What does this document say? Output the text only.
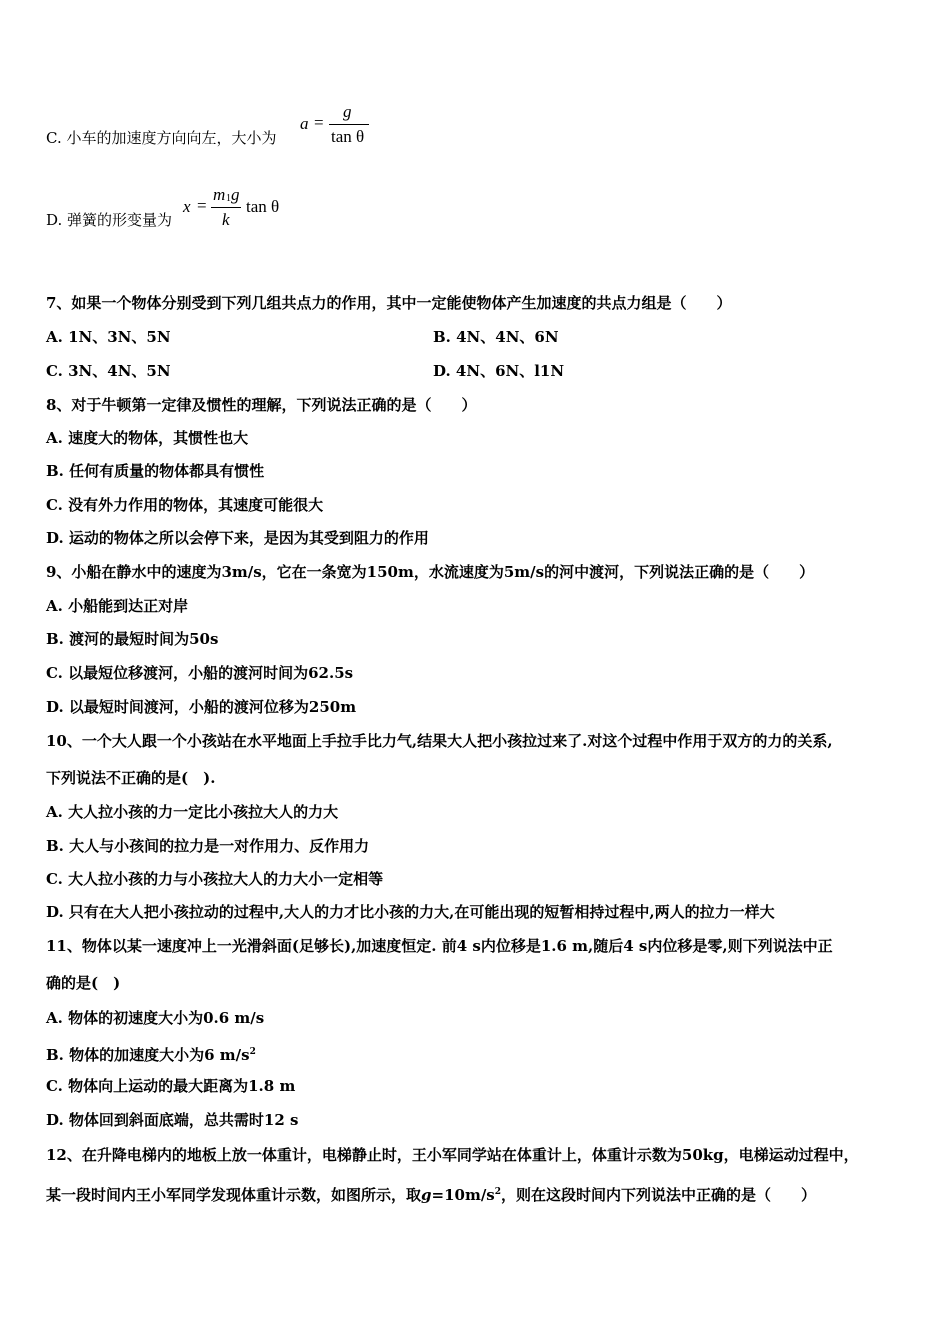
C. 小车的加速度方向向左，大小为
a =
g
tan θ
D. 弹簧的形变量为
x =
m 1 g
k
tan θ
7、如果一个物体分别受到下列几组共点力的作用，其中一定能使物体产生加速度的共点力组是（　　）
A. 1N、3N、5N	B. 4N、4N、6N
C. 3N、4N、5N	D. 4N、6N、l1N
8、对于牛顿第一定律及惯性的理解，下列说法正确的是（　　）
A. 速度大的物体，其惯性也大
B. 任何有质量的物体都具有惯性
C. 没有外力作用的物体，其速度可能很大
D. 运动的物体之所以会停下来，是因为其受到阻力的作用
9、小船在静水中的速度为3m/s，它在一条宽为150m，水流速度为5m/s的河中渡河，下列说法正确的是（　　）
A. 小船能到达正对岸
B. 渡河的最短时间为50s
C. 以最短位移渡河，小船的渡河时间为62.5s
D. 以最短时间渡河，小船的渡河位移为250m
10、一个大人跟一个小孩站在水平地面上手拉手比力气,结果大人把小孩拉过来了.对这个过程中作用于双方的力的关系,
下列说法不正确的是(　).
A. 大人拉小孩的力一定比小孩拉大人的力大
B. 大人与小孩间的拉力是一对作用力、反作用力
C. 大人拉小孩的力与小孩拉大人的力大小一定相等
D. 只有在大人把小孩拉动的过程中,大人的力才比小孩的力大,在可能出现的短暂相持过程中,两人的拉力一样大
11、物体以某一速度冲上一光滑斜面(足够长),加速度恒定. 前4 s内位移是1.6 m,随后4 s内位移是零,则下列说法中正
确的是(　)
A. 物体的初速度大小为0.6 m/s
B. 物体的加速度大小为6 $m/s^2$
C. 物体向上运动的最大距离为1.8 m
D. 物体回到斜面底端，总共需时12 s
12、在升降电梯内的地板上放一体重计，电梯静止时，王小军同学站在体重计上，体重计示数为50kg，电梯运动过程中，
某一段时间内王小军同学发现体重计示数，如图所示，取$g=10m/s^2$，则在这段时间内下列说法中正确的是（　　）
